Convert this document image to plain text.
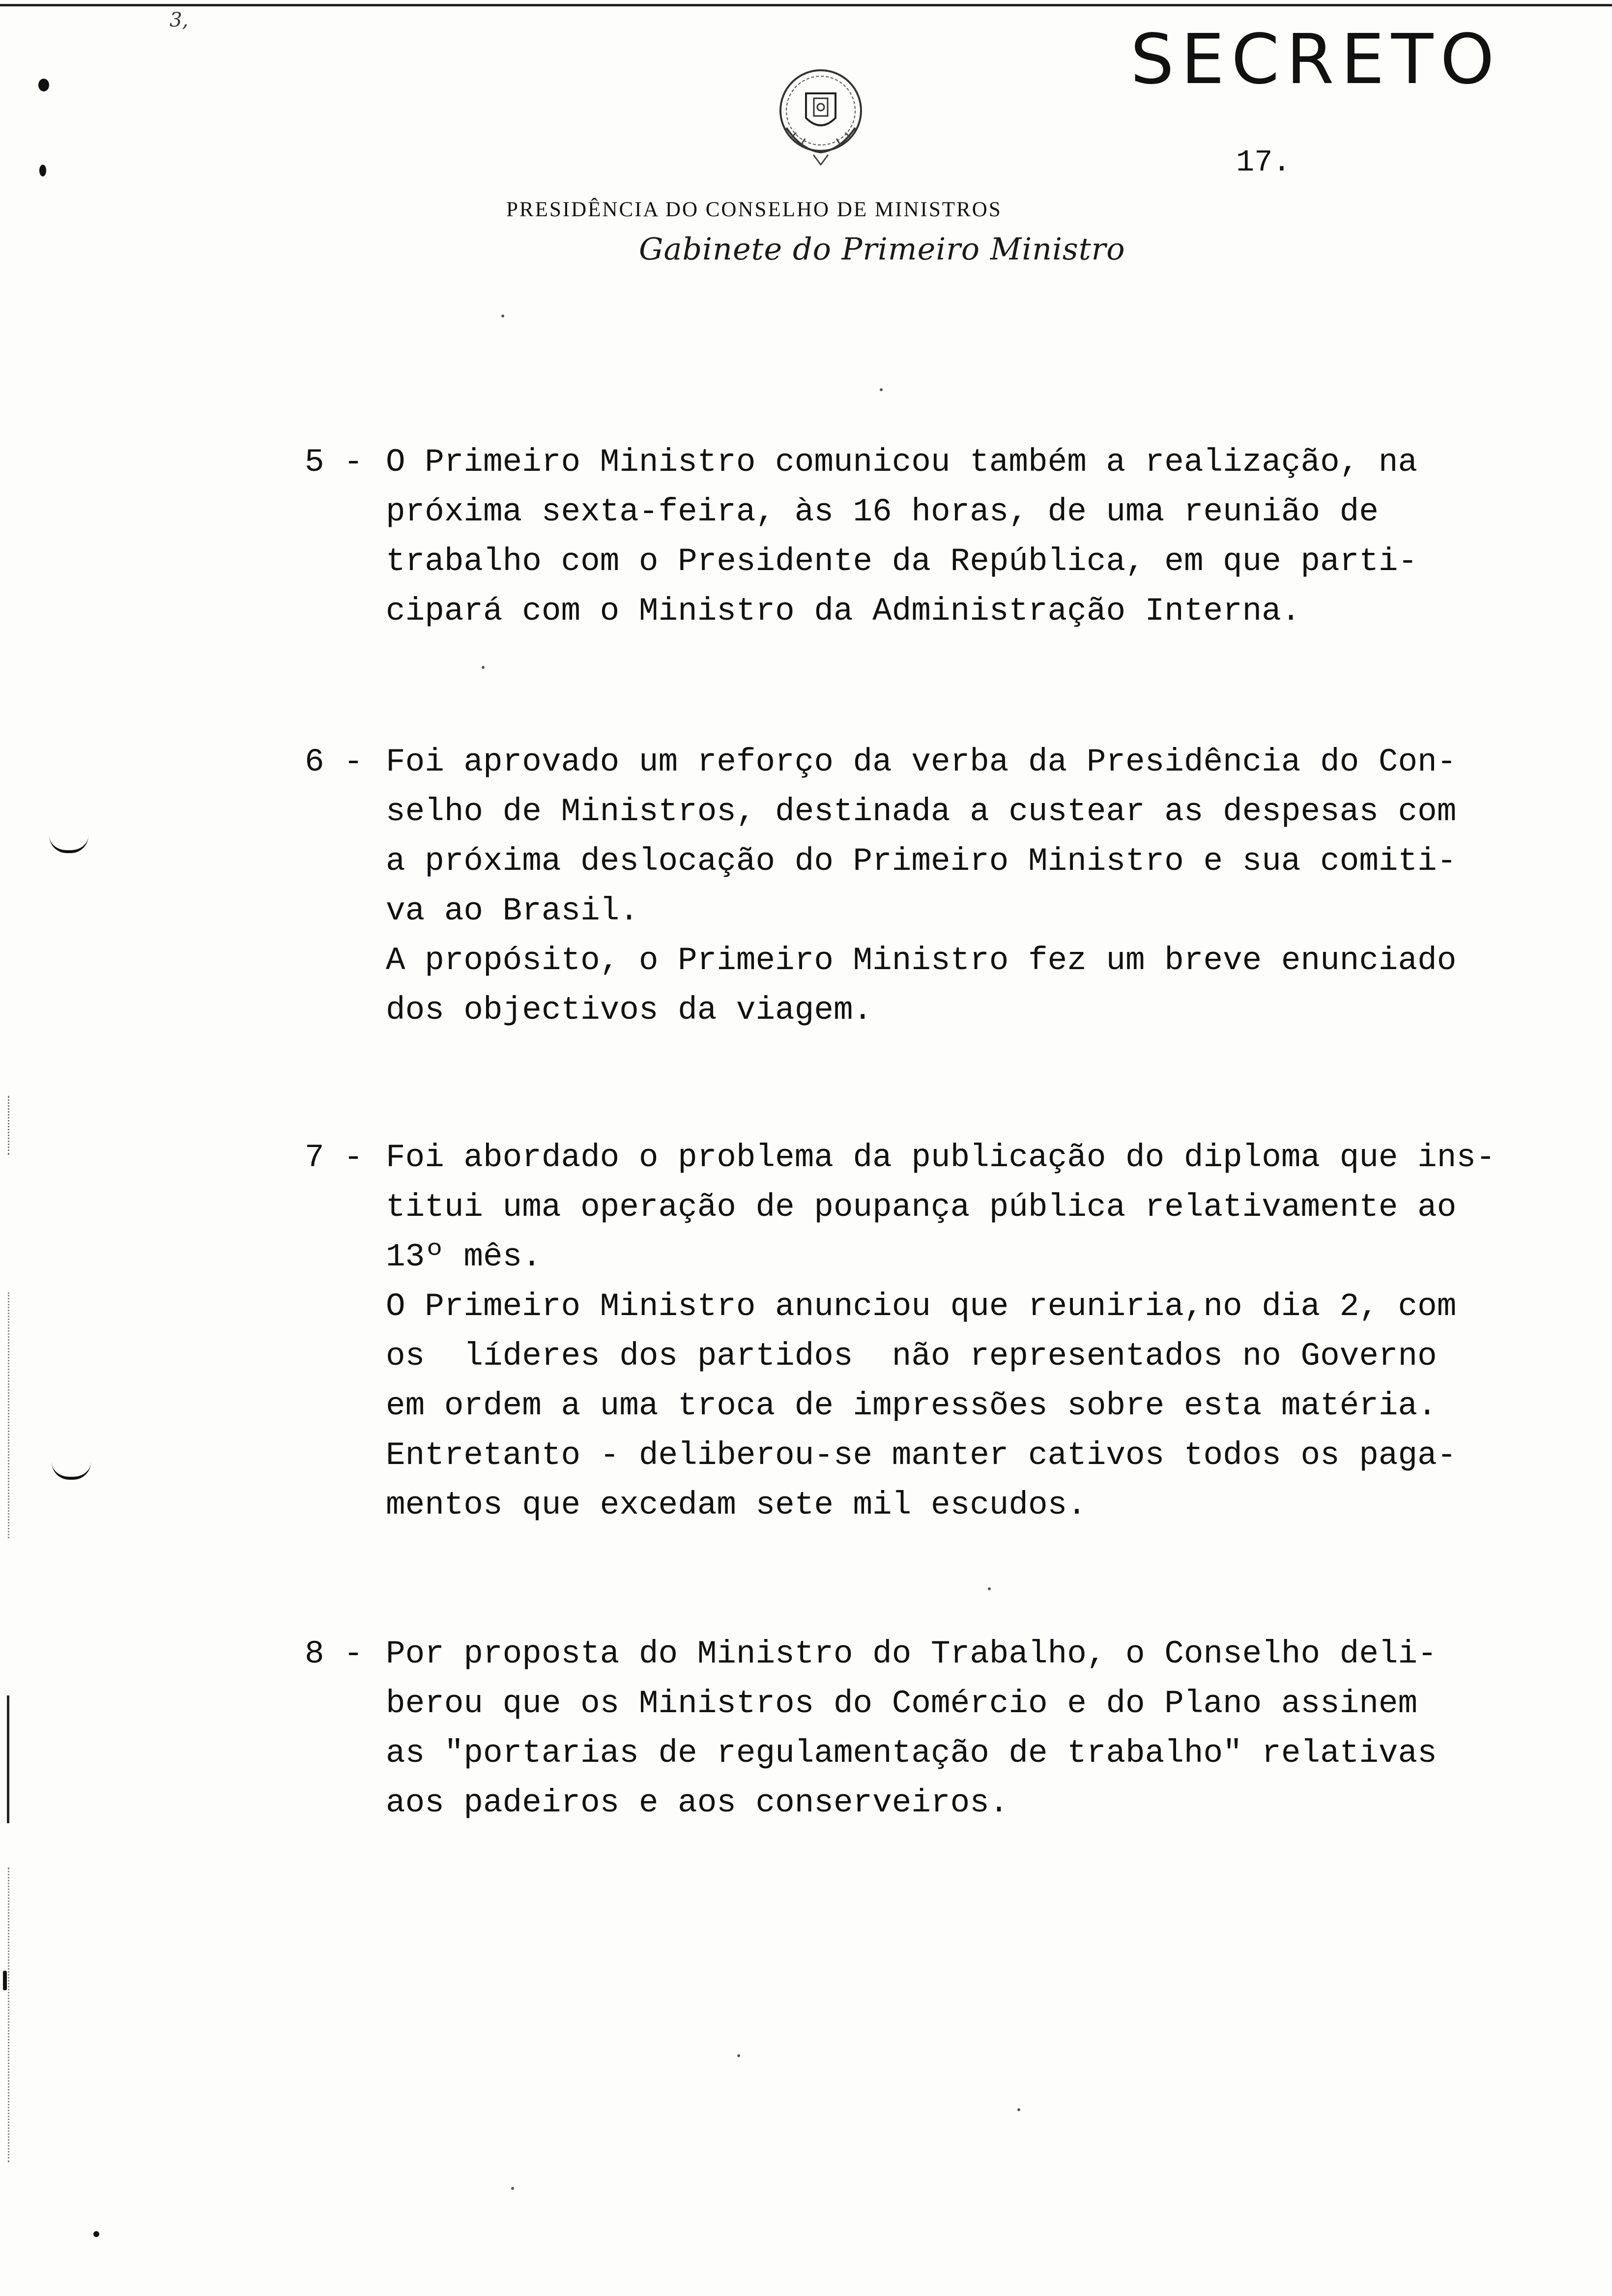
3,	SECRETO
17.
PRESIDÊNCIA DO CONSELHO DE MINISTROS
Gabinete do Primeiro Ministro
5 - O Primeiro Ministro comunicou também a realização, na
próxima sexta-feira, às 16 horas, de uma reunião de
trabalho com o Presidente da República, em que parti-
cipará com o Ministro da Administração Interna.
6 - Foi aprovado um reforço da verba da Presidência do Con-
selho de Ministros, destinada a custear as despesas com
a próxima deslocação do Primeiro Ministro e sua comiti-
va ao Brasil.
A propósito, o Primeiro Ministro fez um breve enunciado
dos objectivos da viagem.
7 - Foi abordado o problema da publicação do diploma que ins-
titui uma operação de poupança pública relativamente ao
13º mês.
O Primeiro Ministro anunciou que reuniria,no dia 2, com
os  líderes dos partidos  não representados no Governo
em ordem a uma troca de impressões sobre esta matéria.
Entretanto - deliberou-se manter cativos todos os paga-
mentos que excedam sete mil escudos.
8 - Por proposta do Ministro do Trabalho, o Conselho deli-
berou que os Ministros do Comércio e do Plano assinem
as "portarias de regulamentação de trabalho" relativas
aos padeiros e aos conserveiros.
